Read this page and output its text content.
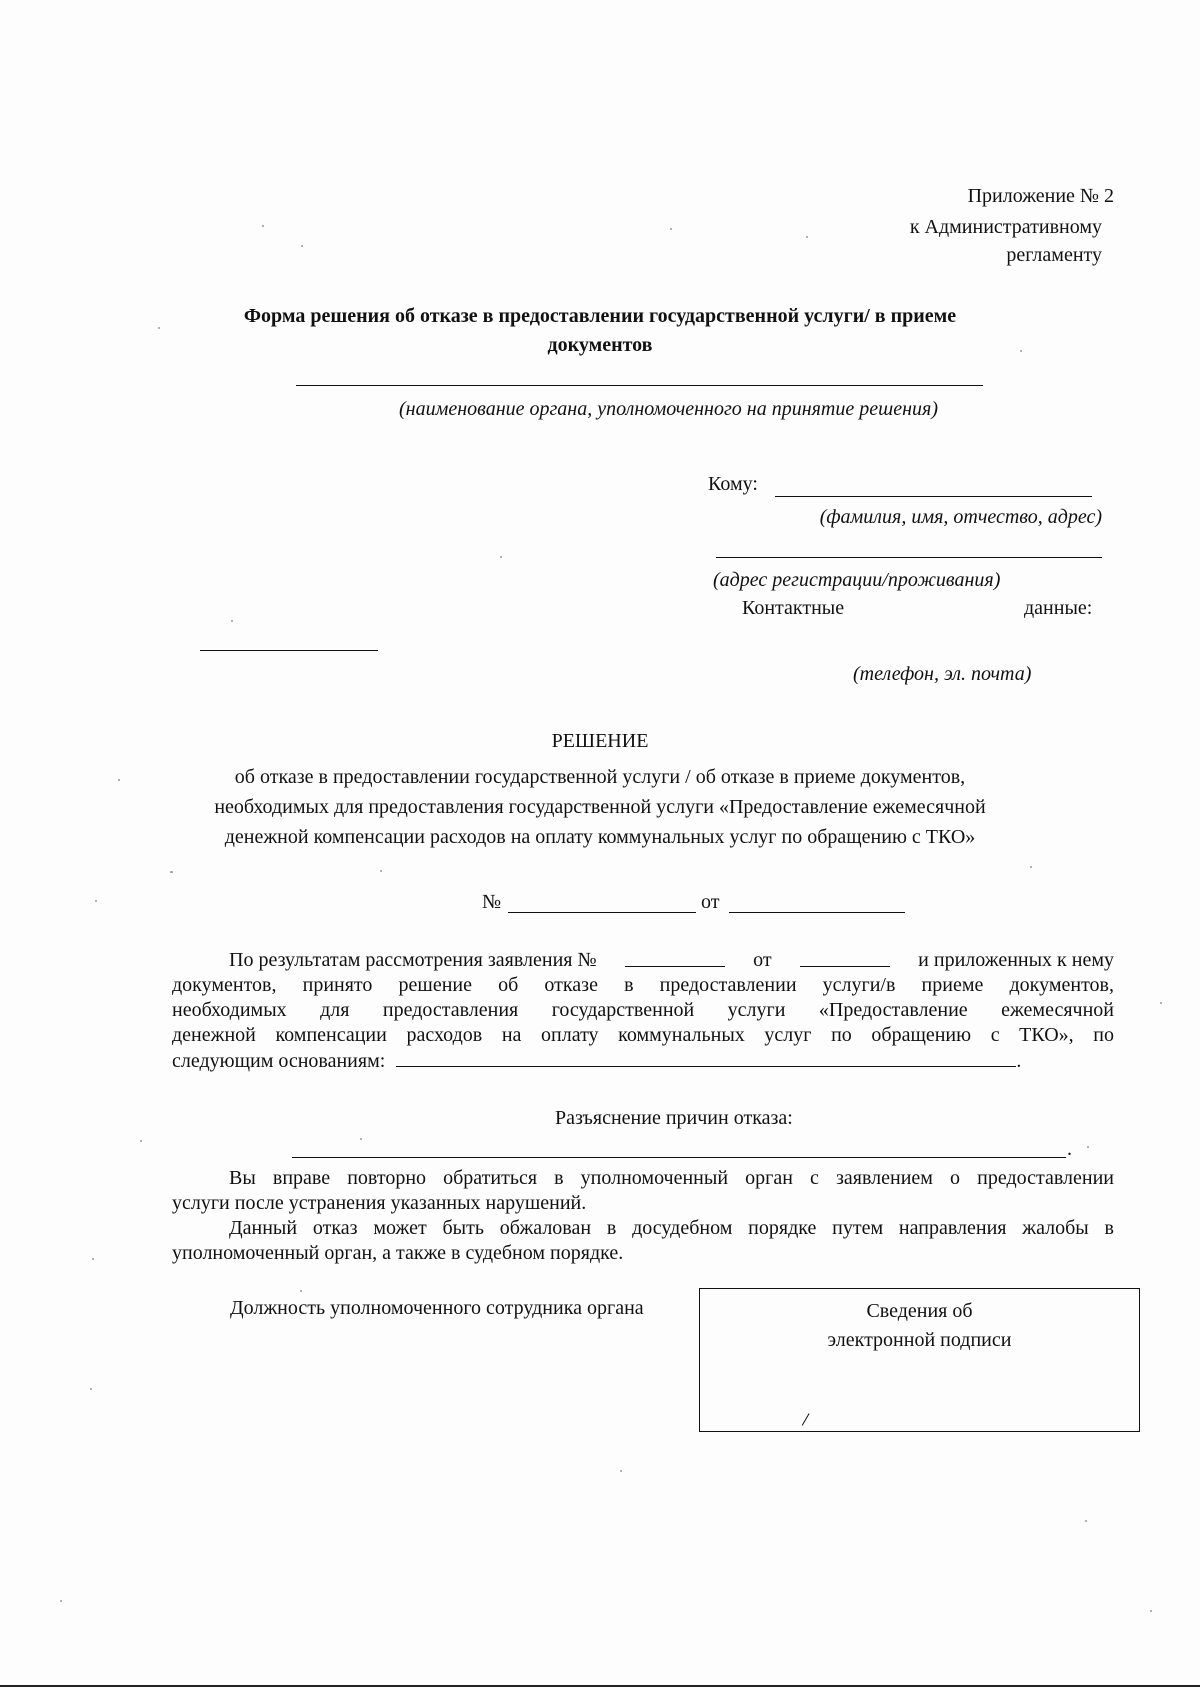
Приложение № 2
к Административному
регламенту
Форма решения об отказе в предоставлении государственной услуги/ в приеме
документов
(наименование органа, уполномоченного на принятие решения)
Кому:
(фамилия, имя, отчество, адрес)
(адрес регистрации/проживания)
Контактные	данные:
(телефон, эл. почта)
РЕШЕНИЕ
об отказе в предоставлении государственной услуги / об отказе в приеме документов,
необходимых для предоставления государственной услуги «Предоставление ежемесячной
денежной компенсации расходов на оплату коммунальных услуг по обращению с ТКО»
№	от
По результатам рассмотрения заявления №	от	и приложенных к нему
документов, принято решение об отказе в предоставлении услуги/в приеме документов,
необходимых для предоставления государственной услуги «Предоставление ежемесячной
денежной компенсации расходов на оплату коммунальных услуг по обращению с ТКО», по
следующим основаниям:	.
Разъяснение причин отказа:
.
Вы вправе повторно обратиться в уполномоченный орган с заявлением о предоставлении
услуги после устранения указанных нарушений.
Данный отказ может быть обжалован в досудебном порядке путем направления жалобы в
уполномоченный орган, а также в судебном порядке.
Должность уполномоченного сотрудника органа	Сведения об
электронной подписи
